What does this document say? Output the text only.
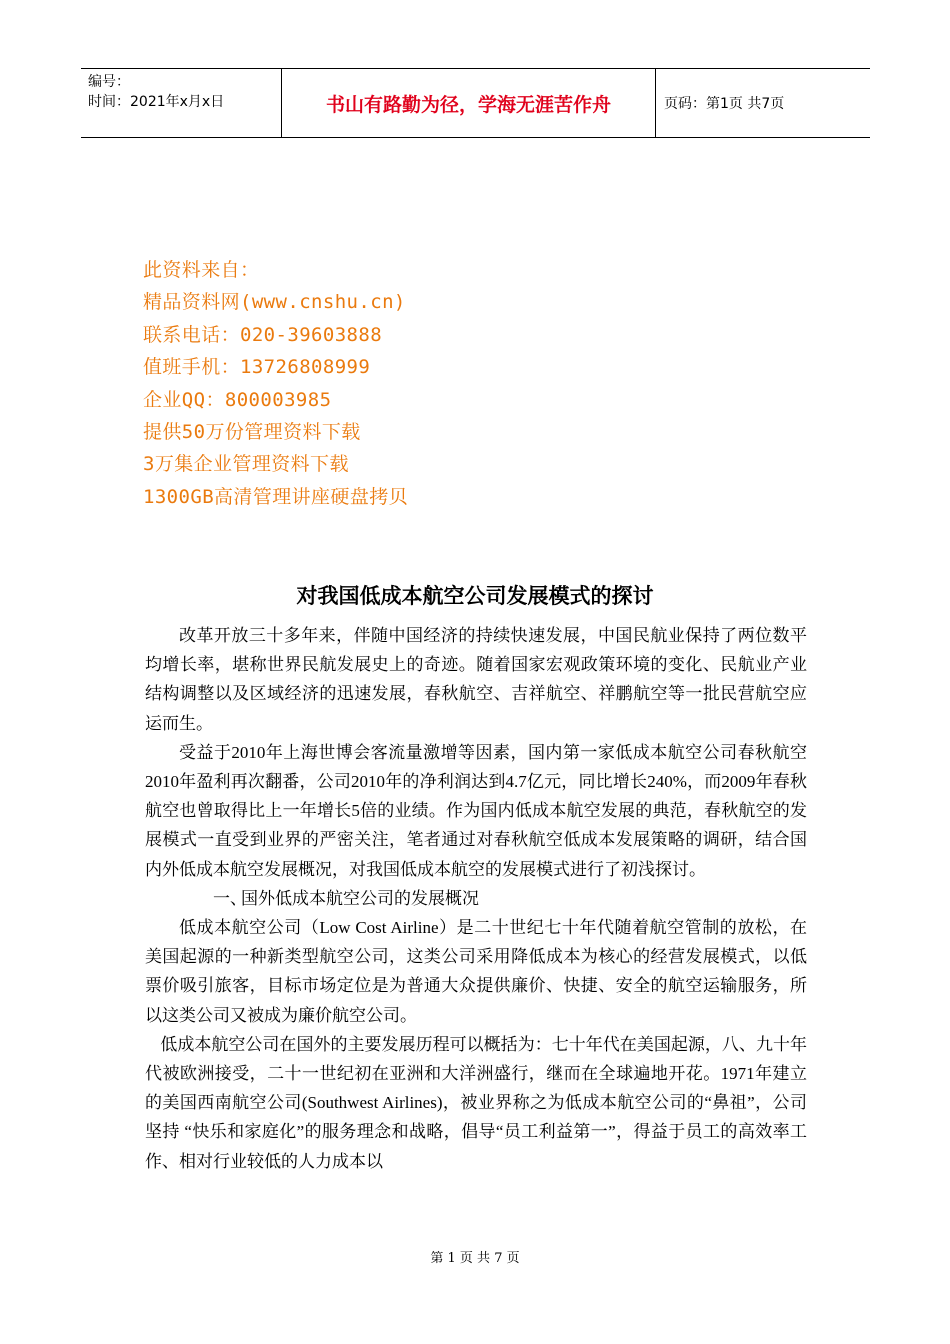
编号：
时间：2021年x月x日	书山有路勤为径，学海无涯苦作舟	页码：第1页 共7页
此资料来自：
精品资料网(www.cnshu.cn)
联系电话：020-39603888
值班手机：13726808999
企业QQ：800003985
提供50万份管理资料下载
3万集企业管理资料下载
1300GB高清管理讲座硬盘拷贝
对我国低成本航空公司发展模式的探讨

改革开放三十多年来，伴随中国经济的持续快速发展，中国民航业保持了两位数平均增长率，堪称世界民航发展史上的奇迹。随着国家宏观政策环境的变化、民航业产业结构调整以及区域经济的迅速发展，春秋航空、吉祥航空、祥鹏航空等一批民营航空应运而生。

受益于2010年上海世博会客流量激增等因素，国内第一家低成本航空公司春秋航空2010年盈利再次翻番，公司2010年的净利润达到4.7亿元，同比增长240%，而2009年春秋航空也曾取得比上一年增长5倍的业绩。作为国内低成本航空发展的典范，春秋航空的发展模式一直受到业界的严密关注，笔者通过对春秋航空低成本发展策略的调研，结合国内外低成本航空发展概况，对我国低成本航空的发展模式进行了初浅探讨。

一、国外低成本航空公司的发展概况

低成本航空公司（Low Cost Airline）是二十世纪七十年代随着航空管制的放松，在美国起源的一种新类型航空公司，这类公司采用降低成本为核心的经营发展模式，以低票价吸引旅客，目标市场定位是为普通大众提供廉价、快捷、安全的航空运输服务，所以这类公司又被成为廉价航空公司。

低成本航空公司在国外的主要发展历程可以概括为：七十年代在美国起源，八、九十年代被欧洲接受，二十一世纪初在亚洲和大洋洲盛行，继而在全球遍地开花。1971年建立的美国西南航空公司(Southwest Airlines)，被业界称之为低成本航空公司的“鼻祖”，公司坚持 “快乐和家庭化”的服务理念和战略，倡导“员工利益第一”，得益于员工的高效率工作、相对行业较低的人力成本以

第 1 页 共 7 页
